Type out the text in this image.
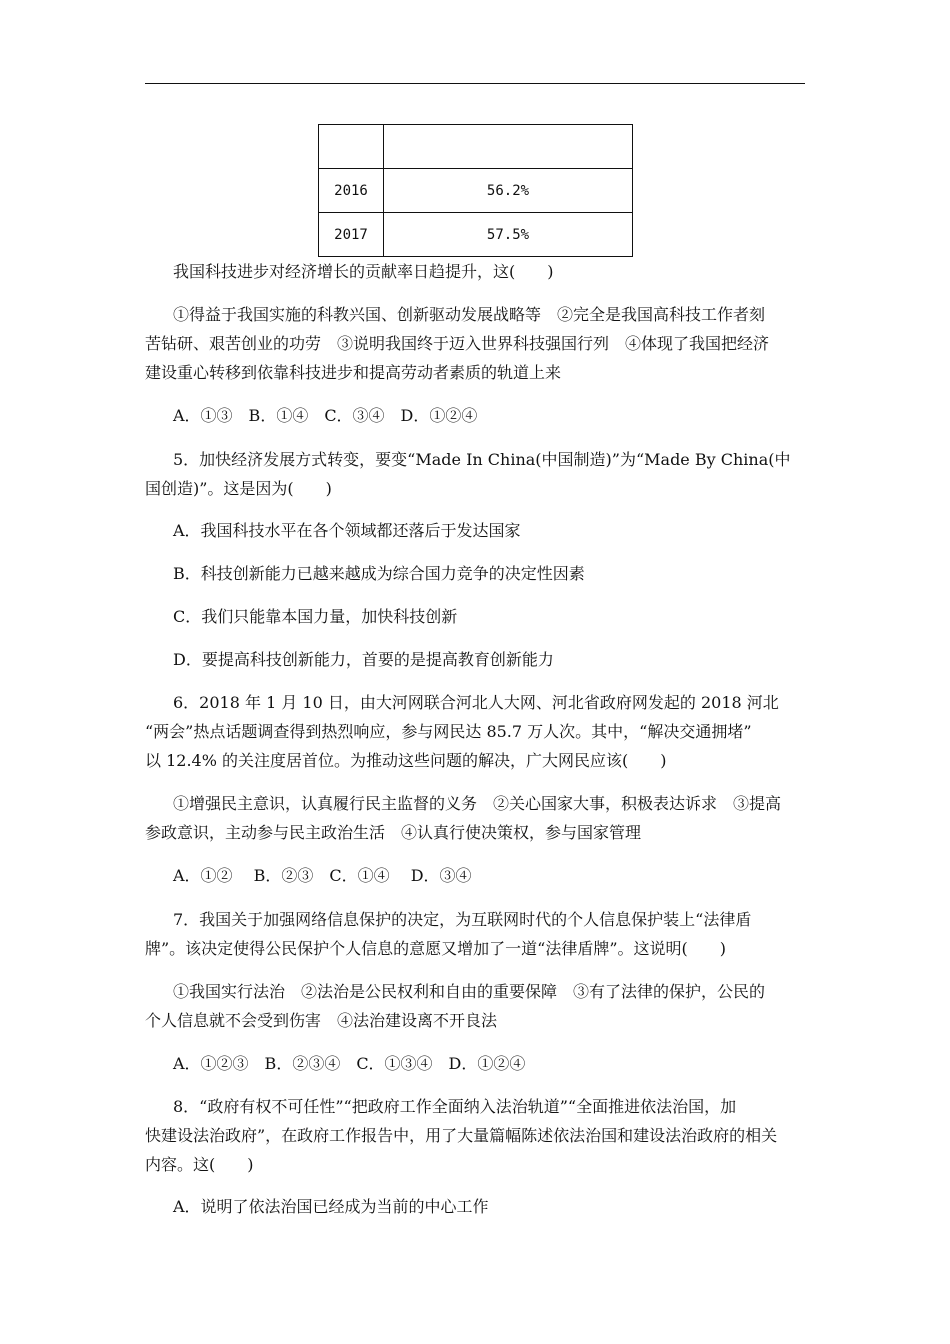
2016	56.2%
2017	57.5%
我国科技进步对经济增长的贡献率日趋提升，这(　　)
①得益于我国实施的科教兴国、创新驱动发展战略等　②完全是我国高科技工作者刻
苦钻研、艰苦创业的功劳　③说明我国终于迈入世界科技强国行列　④体现了我国把经济
建设重心转移到依靠科技进步和提高劳动者素质的轨道上来
A．①③　B．①④　C．③④　D．①②④
5．加快经济发展方式转变，要变“Made In China(中国制造)”为“Made By China(中
国创造)”。这是因为(　　)
A．我国科技水平在各个领域都还落后于发达国家
B．科技创新能力已越来越成为综合国力竞争的决定性因素
C．我们只能靠本国力量，加快科技创新
D．要提高科技创新能力，首要的是提高教育创新能力
6．2018 年 1 月 10 日，由大河网联合河北人大网、河北省政府网发起的 2018 河北
“两会”热点话题调查得到热烈响应，参与网民达 85.7 万人次。其中，“解决交通拥堵”
以 12.4% 的关注度居首位。为推动这些问题的解决，广大网民应该(　　)
①增强民主意识，认真履行民主监督的义务　②关心国家大事，积极表达诉求　③提高
参政意识，主动参与民主政治生活　④认真行使决策权，参与国家管理
A．①②　 B．②③　C．①④　 D．③④
7．我国关于加强网络信息保护的决定，为互联网时代的个人信息保护装上“法律盾
牌”。该决定使得公民保护个人信息的意愿又增加了一道“法律盾牌”。这说明(　　)
①我国实行法治　②法治是公民权利和自由的重要保障　③有了法律的保护，公民的
个人信息就不会受到伤害　④法治建设离不开良法
A．①②③　B．②③④　C．①③④　D．①②④
8．“政府有权不可任性”“把政府工作全面纳入法治轨道”“全面推进依法治国，加
快建设法治政府”，在政府工作报告中，用了大量篇幅陈述依法治国和建设法治政府的相关
内容。这(　　)
A．说明了依法治国已经成为当前的中心工作
